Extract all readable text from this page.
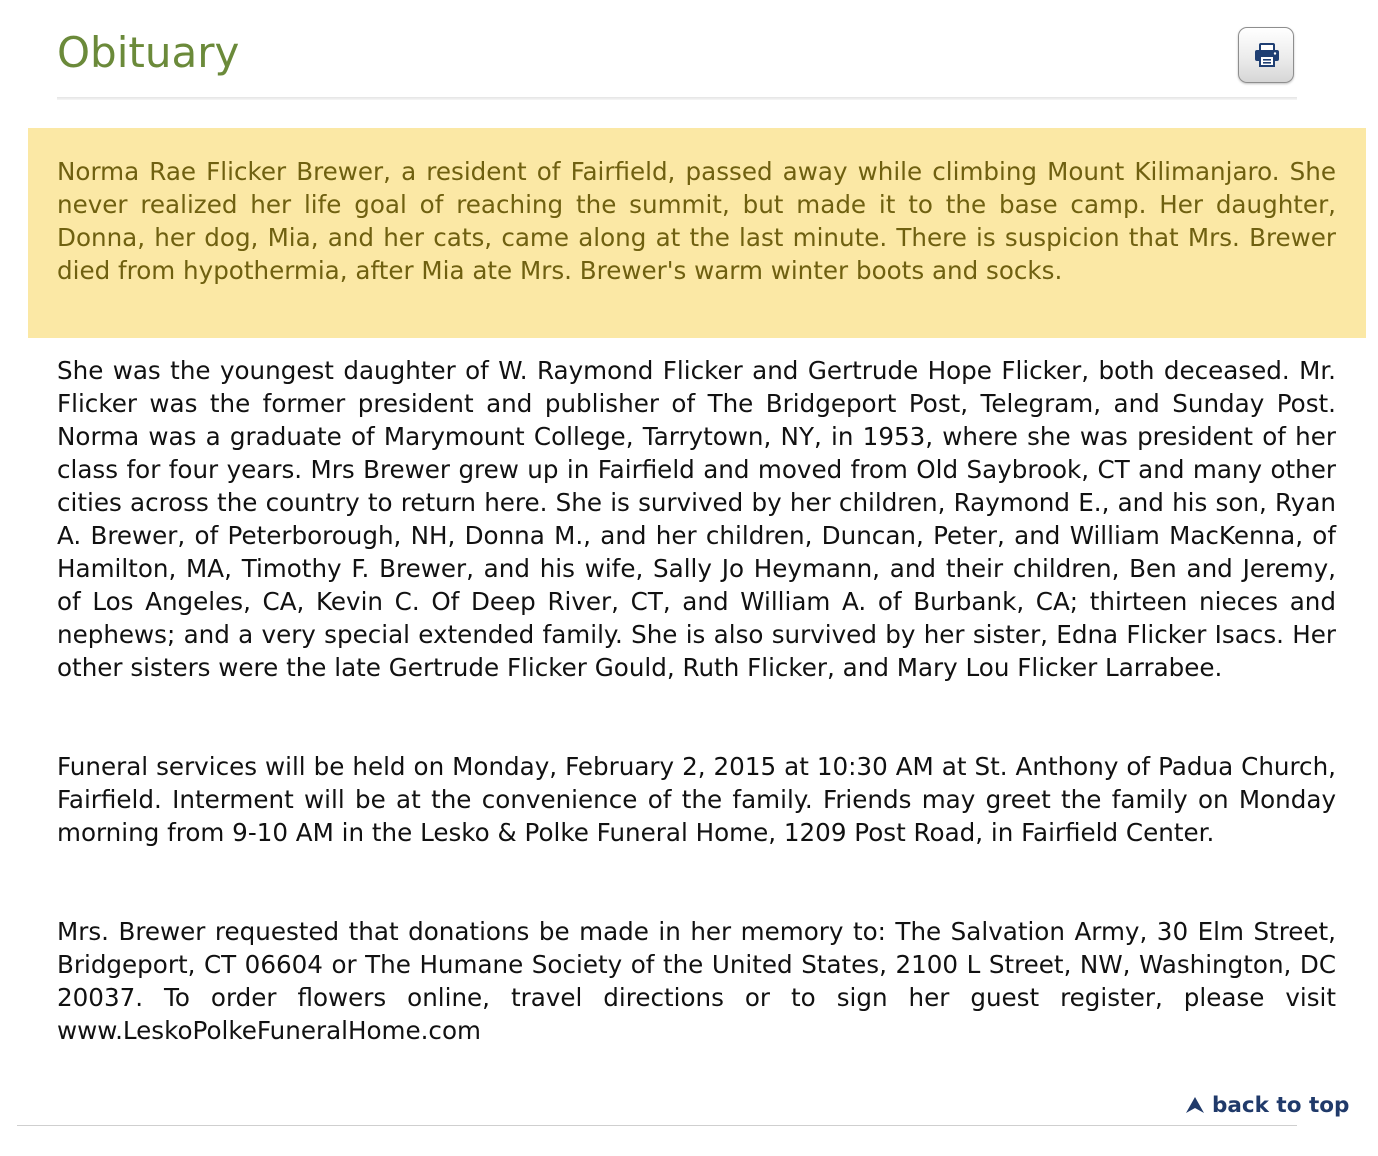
Obituary

Norma Rae Flicker Brewer, a resident of Fairfield, passed away while climbing Mount Kilimanjaro. She never realized her life goal of reaching the summit, but made it to the base camp. Her daughter, Donna, her dog, Mia, and her cats, came along at the last minute. There is suspicion that Mrs. Brewer died from hypothermia, after Mia ate Mrs. Brewer's warm winter boots and socks.

She was the youngest daughter of W. Raymond Flicker and Gertrude Hope Flicker, both deceased. Mr. Flicker was the former president and publisher of The Bridgeport Post, Telegram, and Sunday Post. Norma was a graduate of Marymount College, Tarrytown, NY, in 1953, where she was president of her class for four years. Mrs Brewer grew up in Fairfield and moved from Old Saybrook, CT and many other cities across the country to return here. She is survived by her children, Raymond E., and his son, Ryan A. Brewer, of Peterborough, NH, Donna M., and her children, Duncan, Peter, and William MacKenna, of Hamilton, MA, Timothy F. Brewer, and his wife, Sally Jo Heymann, and their children, Ben and Jeremy, of Los Angeles, CA, Kevin C. Of Deep River, CT, and William A. of Burbank, CA; thirteen nieces and nephews; and a very special extended family. She is also survived by her sister, Edna Flicker Isacs. Her other sisters were the late Gertrude Flicker Gould, Ruth Flicker, and Mary Lou Flicker Larrabee.

Funeral services will be held on Monday, February 2, 2015 at 10:30 AM at St. Anthony of Padua Church, Fairfield. Interment will be at the convenience of the family. Friends may greet the family on Monday morning from 9-10 AM in the Lesko & Polke Funeral Home, 1209 Post Road, in Fairfield Center.

Mrs. Brewer requested that donations be made in her memory to: The Salvation Army, 30 Elm Street, Bridgeport, CT 06604 or The Humane Society of the United States, 2100 L Street, NW, Washington, DC 20037. To order flowers online, travel directions or to sign her guest register, please visit www.LeskoPolkeFuneralHome.com

back to top
